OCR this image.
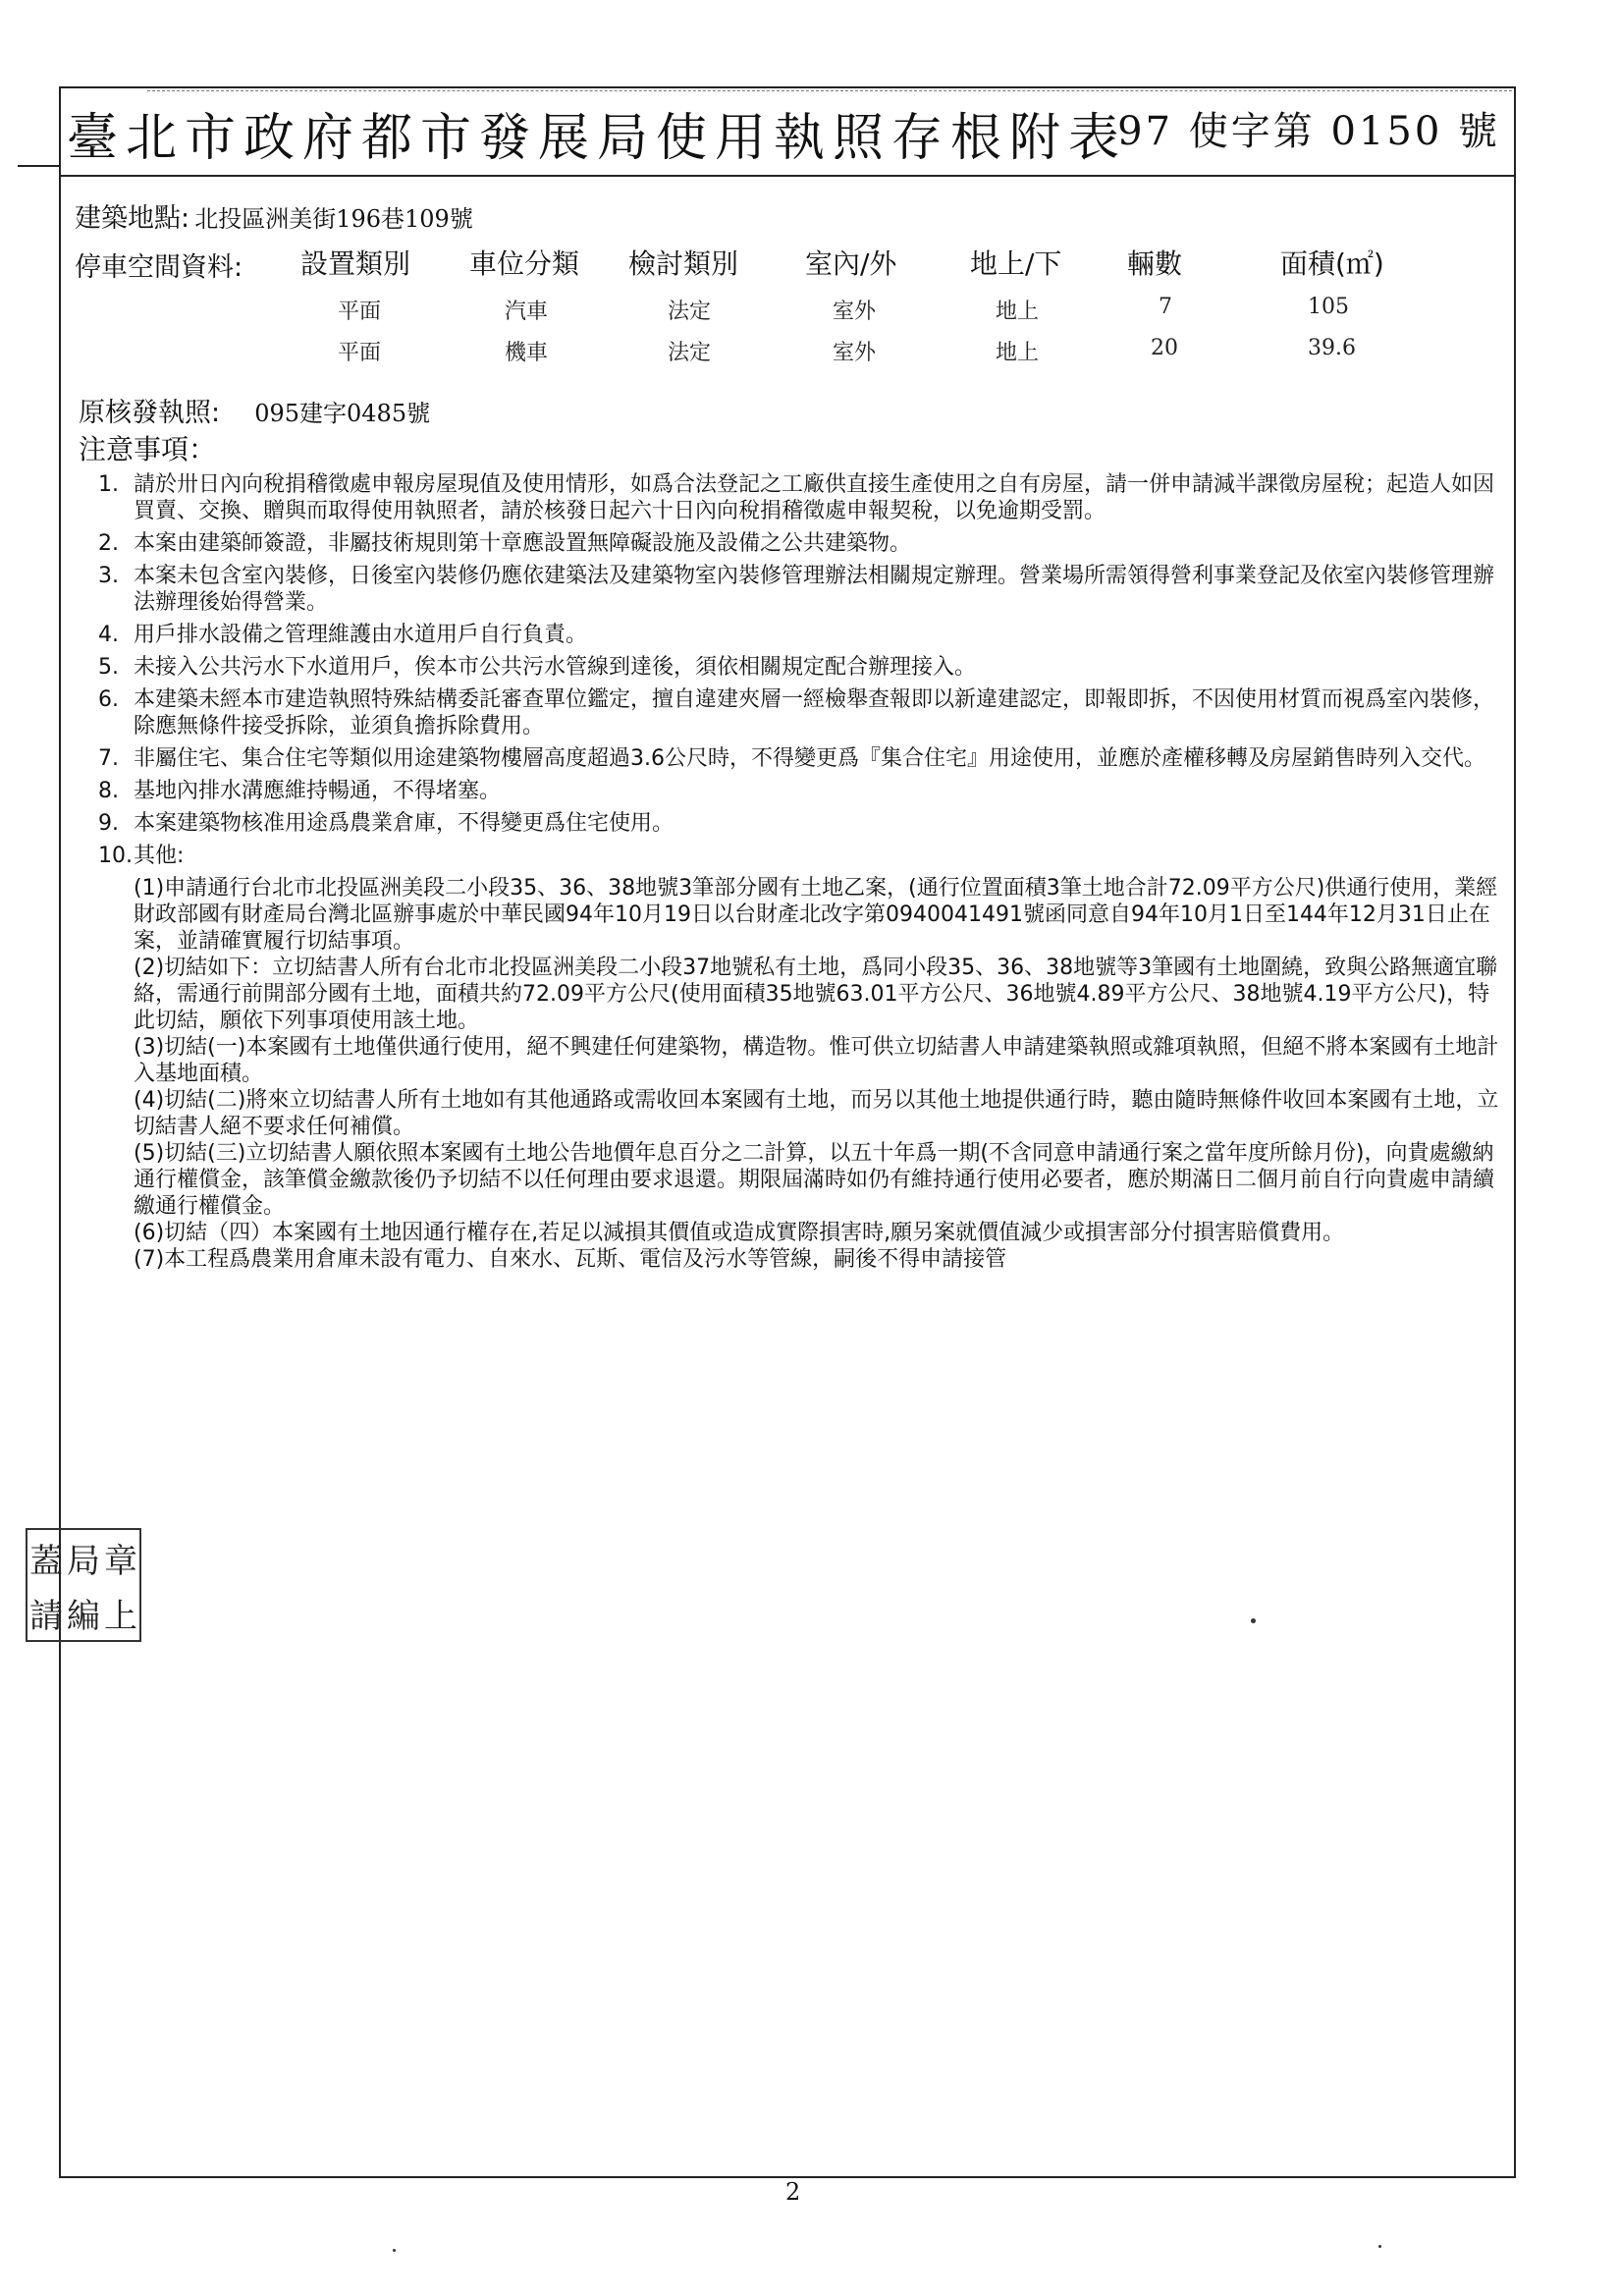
臺北市政府都市發展局使用執照存根附表
97 使字第 0150 號
建築地點: 北投區洲美街196巷109號
停車空間資料: 設置類別 車位分類 檢討類別 室內/外	地上/下 輛數	面積(㎡)
平面	汽車	法定	室外	地上	7	105
平面	機車	法定	室外	地上	20	39.6
原核發執照: 095建字0485號
注意事項：
1. 請於卅日內向稅捐稽徵處申報房屋現值及使用情形，如爲合法登記之工廠供直接生產使用之自有房屋，請一併申請減半課徵房屋稅；起造人如因買賣、交換、贈與而取得使用執照者，請於核發日起六十日內向稅捐稽徵處申報契稅，以免逾期受罰。
2. 本案由建築師簽證，非屬技術規則第十章應設置無障礙設施及設備之公共建築物。
3. 本案未包含室內裝修，日後室內裝修仍應依建築法及建築物室內裝修管理辦法相關規定辦理。營業場所需領得營利事業登記及依室內裝修管理辦法辦理後始得營業。
4. 用戶排水設備之管理維護由水道用戶自行負責。
5. 未接入公共污水下水道用戶，俟本市公共污水管線到達後，須依相關規定配合辦理接入。
6. 本建築未經本市建造執照特殊結構委託審查單位鑑定，擅自違建夾層一經檢舉查報即以新違建認定，即報即拆，不因使用材質而視爲室內裝修，除應無條件接受拆除，並須負擔拆除費用。
7. 非屬住宅、集合住宅等類似用途建築物樓層高度超過3.6公尺時，不得變更爲『集合住宅』用途使用，並應於產權移轉及房屋銷售時列入交代。
8. 基地內排水溝應維持暢通，不得堵塞。
9. 本案建築物核准用途爲農業倉庫，不得變更爲住宅使用。
10. 其他:
(1)申請通行台北市北投區洲美段二小段35、36、38地號3筆部分國有土地乙案，(通行位置面積3筆土地合計72.09平方公尺)供通行使用，業經財政部國有財產局台灣北區辦事處於中華民國94年10月19日以台財產北改字第0940041491號函同意自94年10月1日至144年12月31日止在案，並請確實履行切結事項。
(2)切結如下：立切結書人所有台北市北投區洲美段二小段37地號私有土地，爲同小段35、36、38地號等3筆國有土地圍繞，致與公路無適宜聯絡，需通行前開部分國有土地，面積共約72.09平方公尺(使用面積35地號63.01平方公尺、36地號4.89平方公尺、38地號4.19平方公尺)，特此切結，願依下列事項使用該土地。
(3)切結(一)本案國有土地僅供通行使用，絕不興建任何建築物，構造物。惟可供立切結書人申請建築執照或雜項執照，但絕不將本案國有土地計入基地面積。
(4)切結(二)將來立切結書人所有土地如有其他通路或需收回本案國有土地，而另以其他土地提供通行時，聽由隨時無條件收回本案國有土地，立切結書人絕不要求任何補償。
(5)切結(三)立切結書人願依照本案國有土地公告地價年息百分之二計算，以五十年爲一期(不含同意申請通行案之當年度所餘月份)，向貴處繳納通行權償金，該筆償金繳款後仍予切結不以任何理由要求退還。期限屆滿時如仍有維持通行使用必要者，應於期滿日二個月前自行向貴處申請續繳通行權償金。
(6)切結（四）本案國有土地因通行權存在,若足以減損其價值或造成實際損害時,願另案就價值減少或損害部分付損害賠償費用。
(7)本工程爲農業用倉庫未設有電力、自來水、瓦斯、電信及污水等管線，嗣後不得申請接管
蓋 局 章
請 編 上
2
